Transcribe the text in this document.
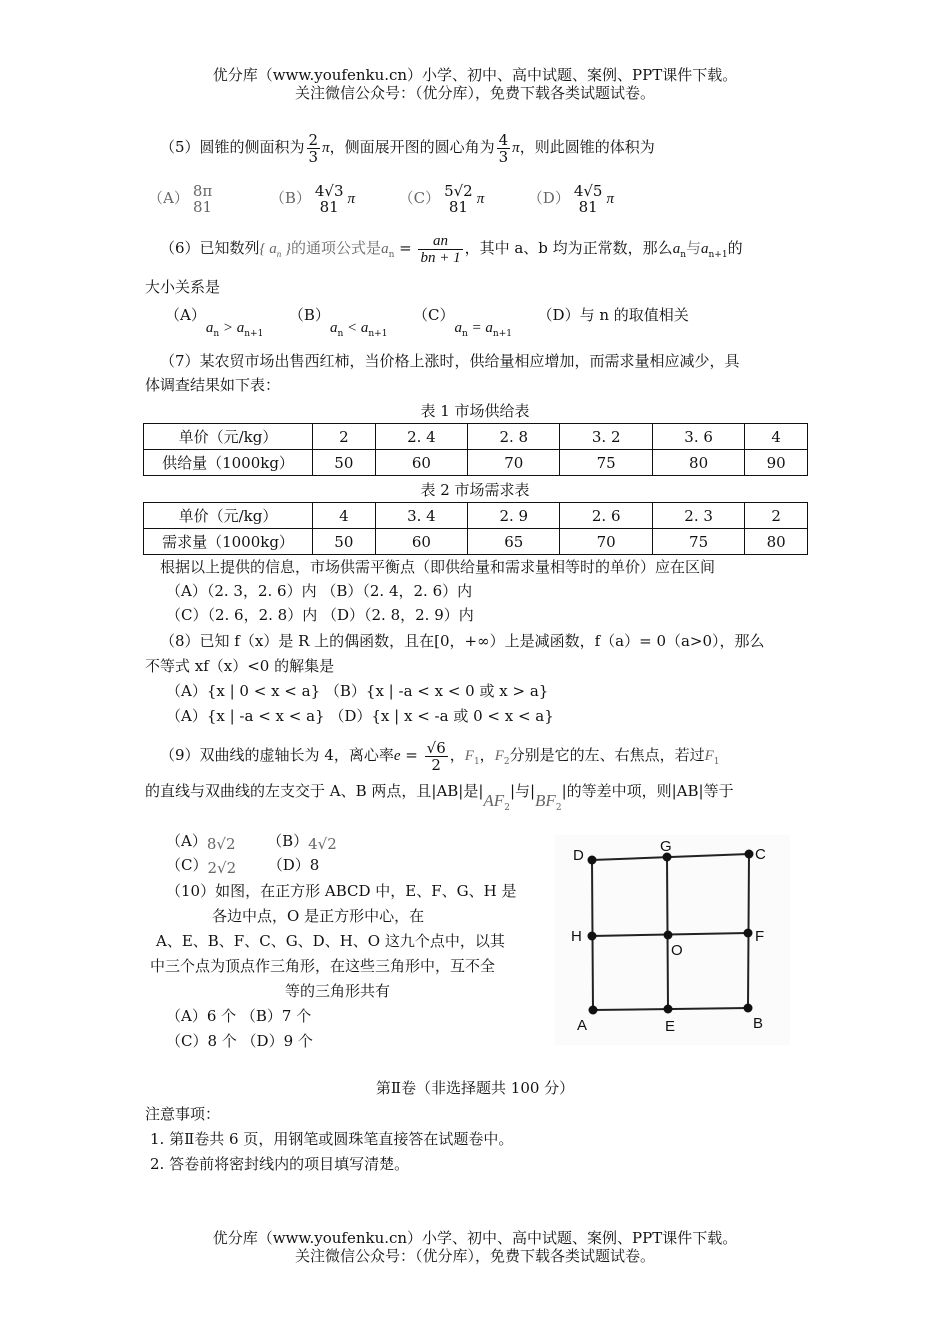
优分库（www.youfenku.cn）小学、初中、高中试题、案例、PPT课件下载。
关注微信公众号：（优分库），免费下载各类试题试卷。
（5）圆锥的侧面积为 $\frac{2}{3}$ π，侧面展开图的圆心角为 $\frac{4}{3}$ π，则此圆锥的体积为
（A） 8π
81	（B） 4√3
81 π	（C） 5√2
81 π	（D） 4√5
81 π
（6）已知数列{ $a_n$ }的通项公式是$a_n = \frac{an}{bn + 1}$ ，其中 a、b 均为正常数，那么$a_n$与$a_{n+1}$的
大小关系是
$(A)a_n > a_{n+1}$  $(B)a_n < a_{n+1}$  $(C)a_n = a_{n+1}$  （D）与 n 的取值相关
（7）某农贸市场出售西红柿，当价格上涨时，供给量相应增加，而需求量相应减少，具
体调查结果如下表：
表 1 市场供给表
单价（元/kg）	2	2. 4	2. 8	3. 2	3. 6	4
供给量（1000kg）	50	60	70	75	80	90
表 2 市场需求表
单价（元/kg）	4	3. 4	2. 9	2. 6	2. 3	2
需求量（1000kg）	50	60	65	70	75	80
根据以上提供的信息，市场供需平衡点（即供给量和需求量相等时的单价）应在区间
（A）（2. 3，2. 6）内 （B）（2. 4，2. 6）内
（C）（2. 6，2. 8）内 （D）（2. 8，2. 9）内
（8）已知 f（x）是 R 上的偶函数，且在[0，+∞）上是减函数，f（a）= 0（a>0），那么
不等式 xf（x）<0 的解集是
（A）{x | 0 < x < a} （B）{x | -a < x < 0 或 x > a}
（A）{x | -a < x < a} （D）{x | x < -a 或 0 < x < a}
（9）双曲线的虚轴长为 4，离心率$e = \frac{√6}{2}$ ，$F_1$，$F_2$分别是它的左、右焦点，若过$F_1$
的直线与双曲线的左支交于 A、B 两点，且|AB|是$|AF_2|$与$|BF_2|$的等差中项，则|AB|等于
（A）8√2 （B）4√2
（C）2√2 （D）8
（10）如图，在正方形 ABCD 中，E、F、G、H 是
各边中点，O 是正方形中心，在
A、E、B、F、C、G、D、H、O 这九个点中，以其
中三个点为顶点作三角形，在这些三角形中，互不全
等的三角形共有
（A）6 个 （B）7 个
（C）8 个 （D）9 个
D
G	C
H
O
F
A	E	B
第Ⅱ卷（非选择题共 100 分）
注意事项：
1. 第Ⅱ卷共 6 页，用钢笔或圆珠笔直接答在试题卷中。
2. 答卷前将密封线内的项目填写清楚。
优分库（www.youfenku.cn）小学、初中、高中试题、案例、PPT课件下载。
关注微信公众号：（优分库），免费下载各类试题试卷。
